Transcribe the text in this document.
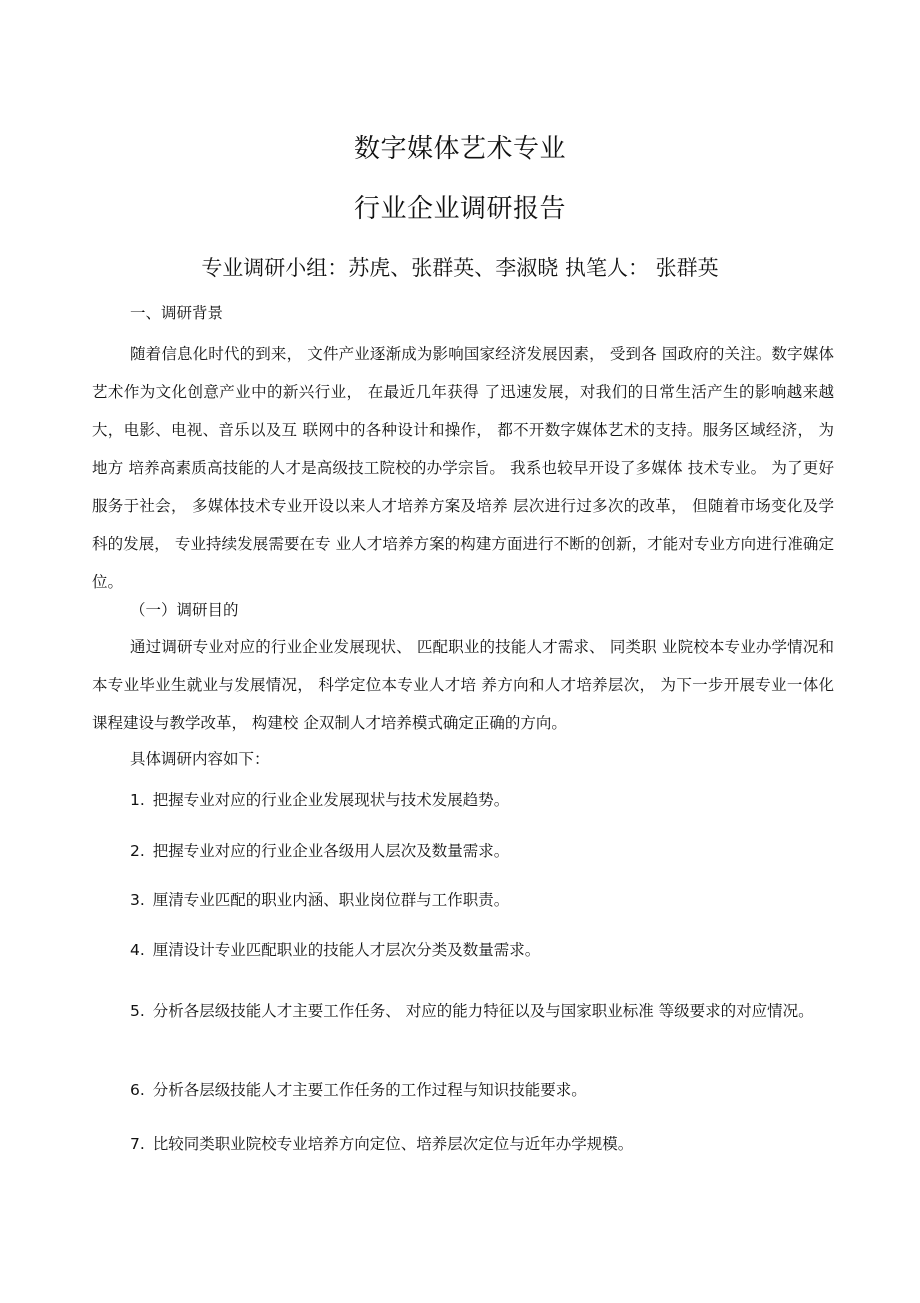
数字媒体艺术专业
行业企业调研报告
专业调研小组：苏虎、张群英、李淑晓 执笔人： 张群英
一、调研背景
随着信息化时代的到来， 文件产业逐渐成为影响国家经济发展因素， 受到各 国政府的关注。数字媒体艺术作为文化创意产业中的新兴行业， 在最近几年获得 了迅速发展，对我们的日常生活产生的影响越来越大，电影、电视、音乐以及互 联网中的各种设计和操作， 都不开数字媒体艺术的支持。服务区域经济， 为地方 培养高素质高技能的人才是高级技工院校的办学宗旨。 我系也较早开设了多媒体 技术专业。 为了更好服务于社会， 多媒体技术专业开设以来人才培养方案及培养 层次进行过多次的改革， 但随着市场变化及学科的发展， 专业持续发展需要在专 业人才培养方案的构建方面进行不断的创新，才能对专业方向进行准确定位。
（一）调研目的
通过调研专业对应的行业企业发展现状、 匹配职业的技能人才需求、 同类职 业院校本专业办学情况和本专业毕业生就业与发展情况， 科学定位本专业人才培 养方向和人才培养层次， 为下一步开展专业一体化课程建设与教学改革， 构建校 企双制人才培养模式确定正确的方向。
具体调研内容如下：
1. 把握专业对应的行业企业发展现状与技术发展趋势。
2. 把握专业对应的行业企业各级用人层次及数量需求。
3. 厘清专业匹配的职业内涵、职业岗位群与工作职责。
4. 厘清设计专业匹配职业的技能人才层次分类及数量需求。
5. 分析各层级技能人才主要工作任务、 对应的能力特征以及与国家职业标准 等级要求的对应情况。
6. 分析各层级技能人才主要工作任务的工作过程与知识技能要求。
7. 比较同类职业院校专业培养方向定位、培养层次定位与近年办学规模。
